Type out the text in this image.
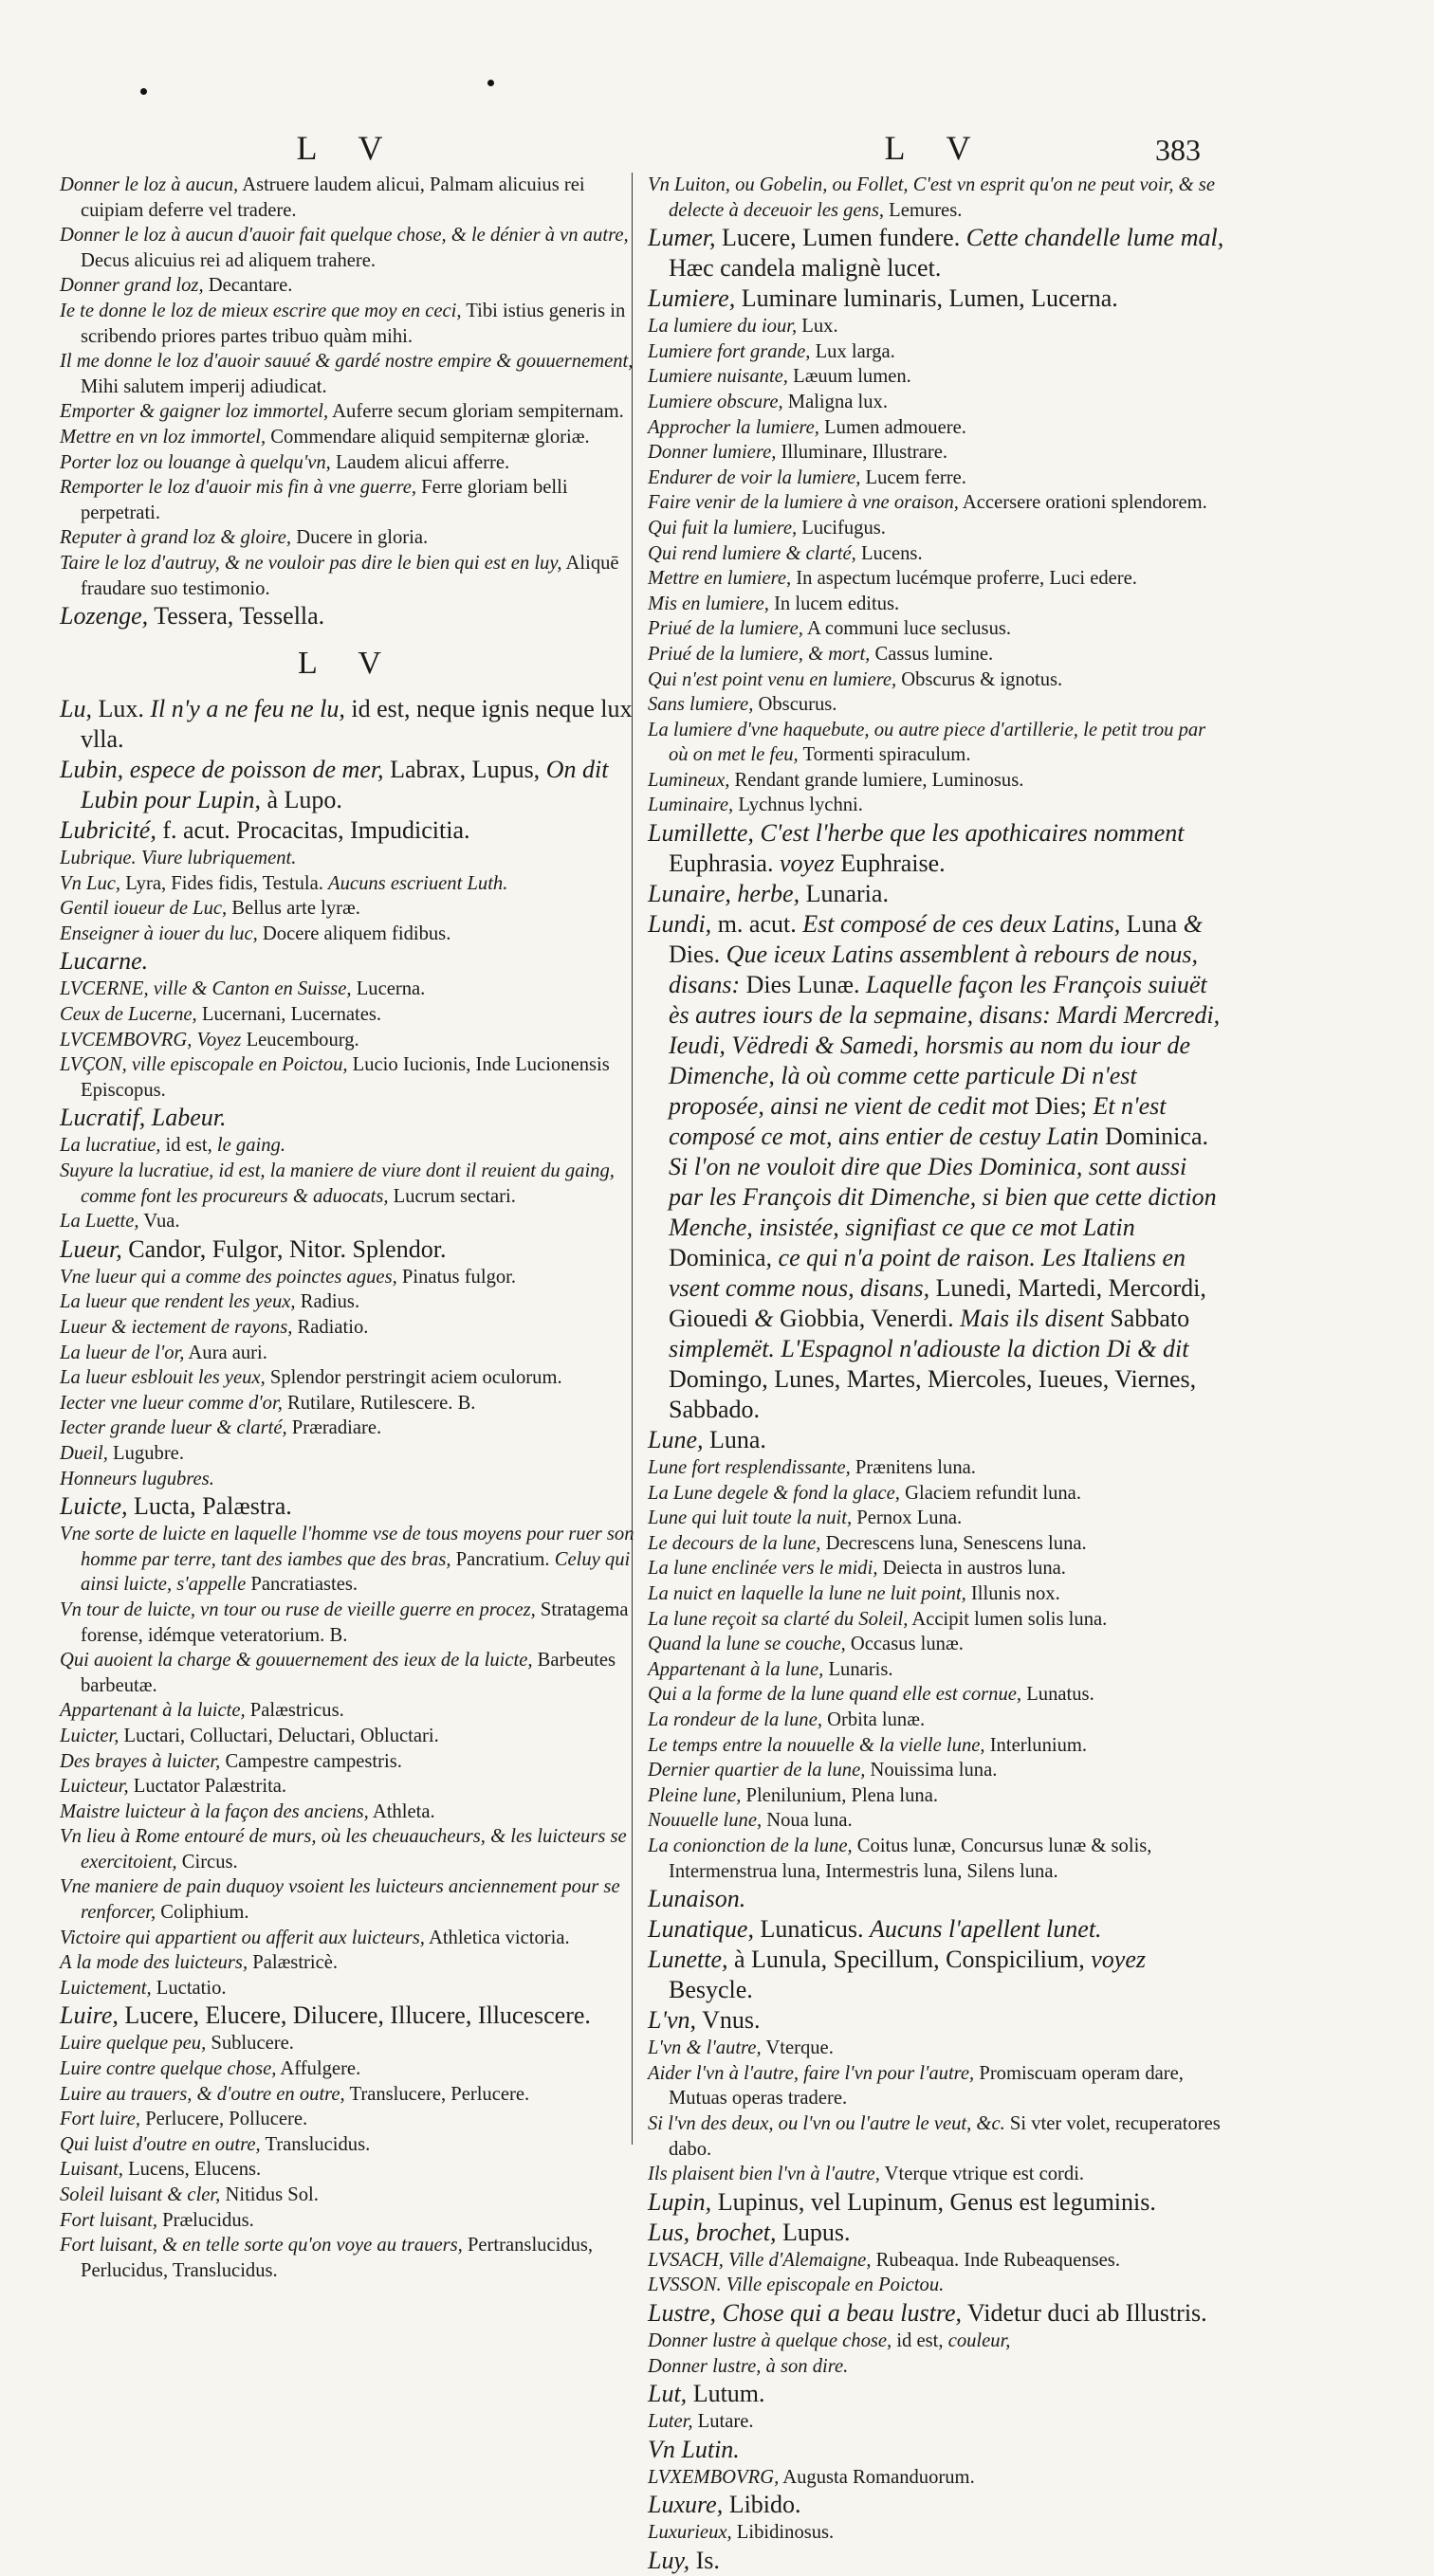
L V	L V	383
Donner le loz à aucun, Astruere laudem alicui, Palmam alicuius rei cuipiam deferre vel tradere.
Donner le loz à aucun d'auoir fait quelque chose, & le dénier à vn autre, Decus alicuius rei ad aliquem trahere.
Donner grand loz, Decantare.
Ie te donne le loz de mieux escrire que moy en ceci, Tibi istius generis in scribendo priores partes tribuo quàm mihi.
Il me donne le loz d'auoir sauué & gardé nostre empire & gouuernement, Mihi salutem imperij adiudicat.
Emporter & gaigner loz immortel, Auferre secum gloriam sempiternam.
Mettre en vn loz immortel, Commendare aliquid sempiternæ gloriæ.
Porter loz ou louange à quelqu'vn, Laudem alicui afferre.
Remporter le loz d'auoir mis fin à vne guerre, Ferre gloriam belli perpetrati.
Reputer à grand loz & gloire, Ducere in gloria.
Taire le loz d'autruy, & ne vouloir pas dire le bien qui est en luy, Aliquē fraudare suo testimonio.
Lozenge, Tessera, Tessella.
L V
Lu, Lux. Il n'y a ne feu ne lu, id est, neque ignis neque lux vlla.
Lubin, espece de poisson de mer, Labrax, Lupus, On dit Lubin pour Lupin, à Lupo.
Lubricité, f. acut. Procacitas, Impudicitia.
Lubrique. Viure lubriquement.
Vn Luc, Lyra, Fides fidis, Testula. Aucuns escriuent Luth.
Gentil ioueur de Luc, Bellus arte lyræ.
Enseigner à iouer du luc, Docere aliquem fidibus.
Lucarne.
LVCERNE, ville & Canton en Suisse, Lucerna.
Ceux de Lucerne, Lucernani, Lucernates.
LVCEMBOVRG, Voyez Leucembourg.
LVÇON, ville episcopale en Poictou, Lucio Iucionis, Inde Lucionensis Episcopus.
Lucratif, Labeur.
La lucratiue, id est, le gaing.
Suyure la lucratiue, id est, la maniere de viure dont il reuient du gaing, comme font les procureurs & aduocats, Lucrum sectari.
La Luette, Vua.
Lueur, Candor, Fulgor, Nitor. Splendor.
Vne lueur qui a comme des poinctes agues, Pinatus fulgor.
La lueur que rendent les yeux, Radius.
Lueur & iectement de rayons, Radiatio.
La lueur de l'or, Aura auri.
La lueur esblouit les yeux, Splendor perstringit aciem oculorum.
Iecter vne lueur comme d'or, Rutilare, Rutilescere. B.
Iecter grande lueur & clarté, Præradiare.
Dueil, Lugubre.
Honneurs lugubres.
Luicte, Lucta, Palæstra.
Vne sorte de luicte en laquelle l'homme vse de tous moyens pour ruer son homme par terre, tant des iambes que des bras, Pancratium. Celuy qui ainsi luicte, s'appelle Pancratiastes.
Vn tour de luicte, vn tour ou ruse de vieille guerre en procez, Stratagema forense, idémque veteratorium. B.
Qui auoient la charge & gouuernement des ieux de la luicte, Barbeutes barbeutæ.
Appartenant à la luicte, Palæstricus.
Luicter, Luctari, Colluctari, Deluctari, Obluctari.
Des brayes à luicter, Campestre campestris.
Luicteur, Luctator Palæstrita.
Maistre luicteur à la façon des anciens, Athleta.
Vn lieu à Rome entouré de murs, où les cheuaucheurs, & les luicteurs se exercitoient, Circus.
Vne maniere de pain duquoy vsoient les luicteurs anciennement pour se renforcer, Coliphium.
Victoire qui appartient ou afferit aux luicteurs, Athletica victoria.
A la mode des luicteurs, Palæstricè.
Luictement, Luctatio.
Luire, Lucere, Elucere, Dilucere, Illucere, Illucescere.
Luire quelque peu, Sublucere.
Luire contre quelque chose, Affulgere.
Luire au trauers, & d'outre en outre, Translucere, Perlucere.
Fort luire, Perlucere, Pollucere.
Qui luist d'outre en outre, Translucidus.
Luisant, Lucens, Elucens.
Soleil luisant & cler, Nitidus Sol.
Fort luisant, Prælucidus.
Fort luisant, & en telle sorte qu'on voye au trauers, Pertranslucidus, Perlucidus, Translucidus.
Vn Luiton, ou Gobelin, ou Follet, C'est vn esprit qu'on ne peut voir, & se delecte à deceuoir les gens, Lemures.
Lumer, Lucere, Lumen fundere. Cette chandelle lume mal, Hæc candela malignè lucet.
Lumiere, Luminare luminaris, Lumen, Lucerna.
La lumiere du iour, Lux.
Lumiere fort grande, Lux larga.
Lumiere nuisante, Læuum lumen.
Lumiere obscure, Maligna lux.
Approcher la lumiere, Lumen admouere.
Donner lumiere, Illuminare, Illustrare.
Endurer de voir la lumiere, Lucem ferre.
Faire venir de la lumiere à vne oraison, Accersere orationi splendorem.
Qui fuit la lumiere, Lucifugus.
Qui rend lumiere & clarté, Lucens.
Mettre en lumiere, In aspectum lucémque proferre, Luci edere.
Mis en lumiere, In lucem editus.
Priué de la lumiere, A communi luce seclusus.
Priué de la lumiere, & mort, Cassus lumine.
Qui n'est point venu en lumiere, Obscurus & ignotus.
Sans lumiere, Obscurus.
La lumiere d'vne haquebute, ou autre piece d'artillerie, le petit trou par où on met le feu, Tormenti spiraculum.
Lumineux, Rendant grande lumiere, Luminosus.
Luminaire, Lychnus lychni.
Lumillette, C'est l'herbe que les apothicaires nomment Euphrasia. voyez Euphraise.
Lunaire, herbe, Lunaria.
Lundi, m. acut. Est composé de ces deux Latins, Luna & Dies. Que iceux Latins assemblent à rebours de nous, disans: Dies Lunæ. Laquelle façon les François suiuët ès autres iours de la sepmaine, disans: Mardi Mercredi, Ieudi, Vëdredi & Samedi, horsmis au nom du iour de Dimenche, là où comme cette particule Di n'est proposée, ainsi ne vient de cedit mot Dies; Et n'est composé ce mot, ains entier de cestuy Latin Dominica. Si l'on ne vouloit dire que Dies Dominica, sont aussi par les François dit Dimenche, si bien que cette diction Menche, insistée, signifiast ce que ce mot Latin Dominica, ce qui n'a point de raison. Les Italiens en vsent comme nous, disans, Lunedi, Martedi, Mercordi, Giouedi & Giobbia, Venerdi. Mais ils disent Sabbato simplemët. L'Espagnol n'adiouste la diction Di & dit Domingo, Lunes, Martes, Miercoles, Iueues, Viernes, Sabbado.
Lune, Luna.
Lune fort resplendissante, Prænitens luna.
La Lune degele & fond la glace, Glaciem refundit luna.
Lune qui luit toute la nuit, Pernox Luna.
Le decours de la lune, Decrescens luna, Senescens luna.
La lune enclinée vers le midi, Deiecta in austros luna.
La nuict en laquelle la lune ne luit point, Illunis nox.
La lune reçoit sa clarté du Soleil, Accipit lumen solis luna.
Quand la lune se couche, Occasus lunæ.
Appartenant à la lune, Lunaris.
Qui a la forme de la lune quand elle est cornue, Lunatus.
La rondeur de la lune, Orbita lunæ.
Le temps entre la nouuelle & la vielle lune, Interlunium.
Dernier quartier de la lune, Nouissima luna.
Pleine lune, Plenilunium, Plena luna.
Nouuelle lune, Noua luna.
La conionction de la lune, Coitus lunæ, Concursus lunæ & solis, Intermenstrua luna, Intermestris luna, Silens luna.
Lunaison.
Lunatique, Lunaticus. Aucuns l'apellent lunet.
Lunette, à Lunula, Specillum, Conspicilium, voyez Besycle.
L'vn, Vnus.
L'vn & l'autre, Vterque.
Aider l'vn à l'autre, faire l'vn pour l'autre, Promiscuam operam dare, Mutuas operas tradere.
Si l'vn des deux, ou l'vn ou l'autre le veut, &c. Si vter volet, recuperatores dabo.
Ils plaisent bien l'vn à l'autre, Vterque vtrique est cordi.
Lupin, Lupinus, vel Lupinum, Genus est leguminis.
Lus, brochet, Lupus.
LVSACH, Ville d'Alemaigne, Rubeaqua. Inde Rubeaquenses.
LVSSON. Ville episcopale en Poictou.
Lustre, Chose qui a beau lustre, Videtur duci ab Illustris.
Donner lustre à quelque chose, id est, couleur,
Donner lustre, à son dire.
Lut, Lutum.
Luter, Lutare.
Vn Lutin.
LVXEMBOVRG, Augusta Romanduorum.
Luxure, Libido.
Luxurieux, Libidinosus.
Luy, Is.
